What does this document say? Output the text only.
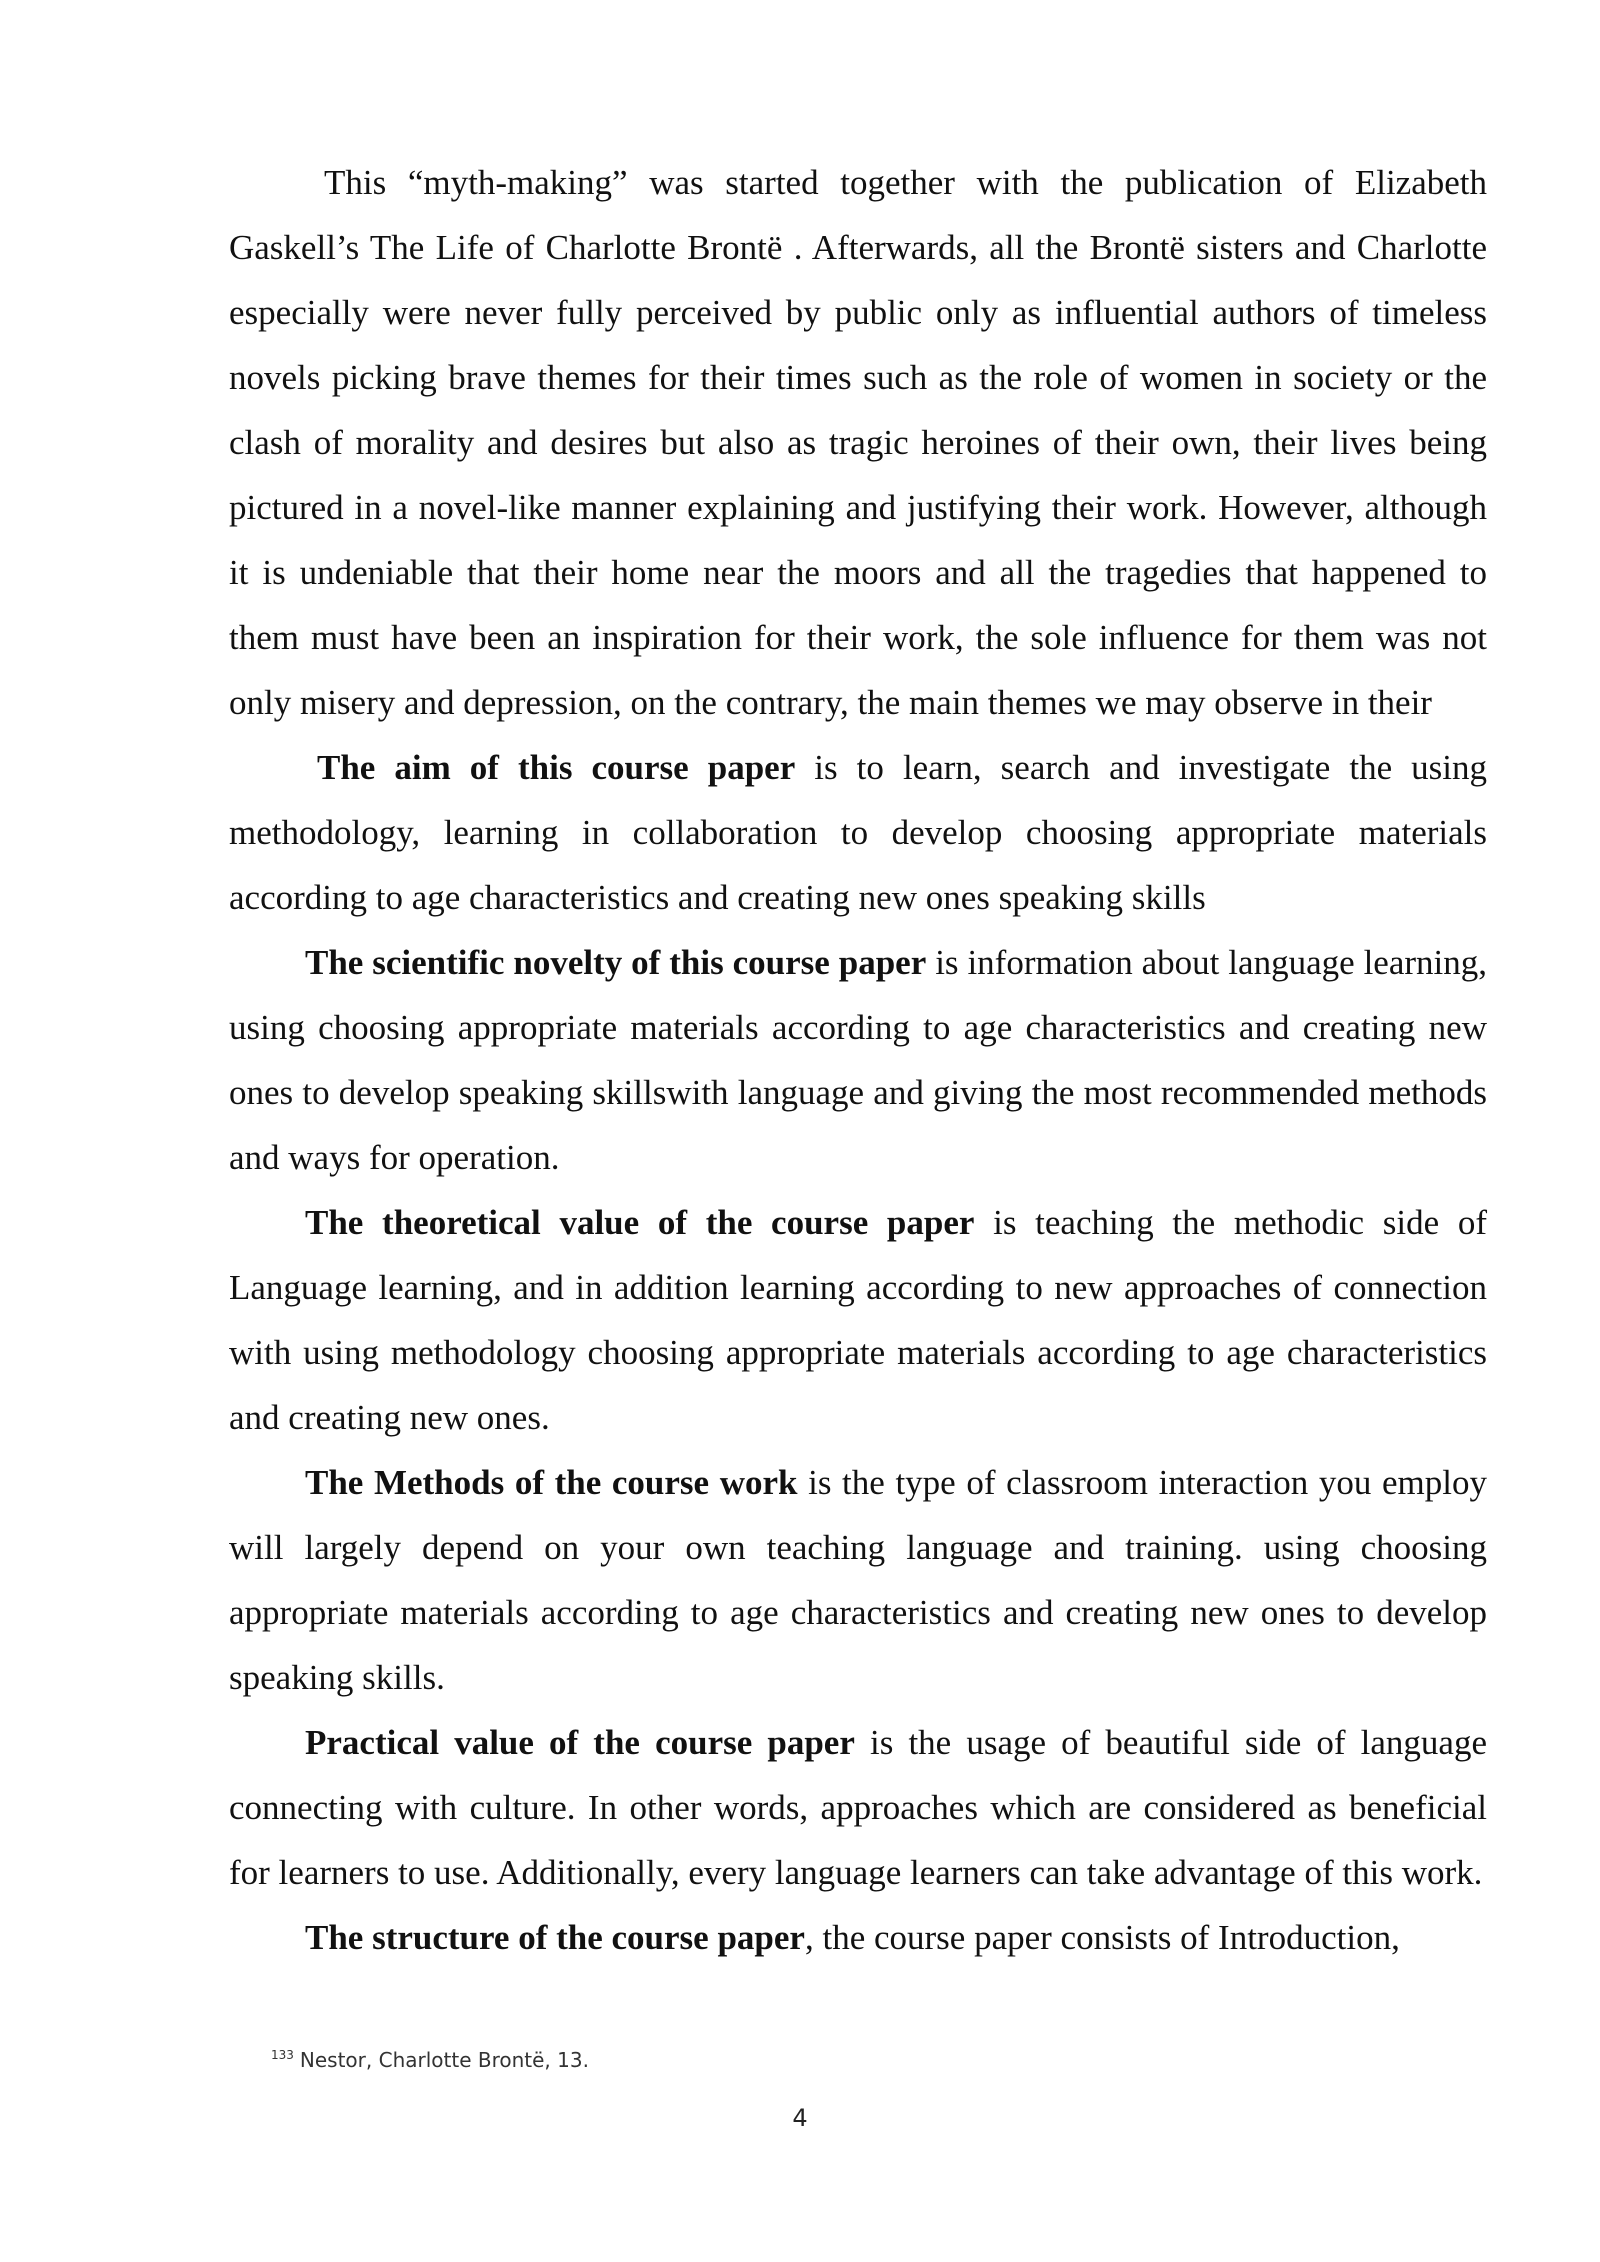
This “myth-making” was started together with the publication of Elizabeth Gaskell’s The Life of Charlotte Brontë . Afterwards, all the Brontë sisters and Charlotte especially were never fully perceived by public only as influential authors of timeless novels picking brave themes for their times such as the role of women in society or the clash of morality and desires but also as tragic heroines of their own, their lives being pictured in a novel-like manner explaining and justifying their work. However, although it is undeniable that their home near the moors and all the tragedies that happened to them must have been an inspiration for their work, the sole influence for them was not only misery and depression, on the contrary, the main themes we may observe in their

The aim of this course paper is to learn, search and investigate the using methodology, learning in collaboration to develop choosing appropriate materials according to age characteristics and creating new ones speaking skills

The scientific novelty of this course paper is information about language learning, using choosing appropriate materials according to age characteristics and creating new ones to develop speaking skillswith language and giving the most recommended methods and ways for operation.

The theoretical value of the course paper is teaching the methodic side of Language learning, and in addition learning according to new approaches of connection with using methodology choosing appropriate materials according to age characteristics and creating new ones.

The Methods of the course work is the type of classroom interaction you employ will largely depend on your own teaching language and training. using choosing appropriate materials according to age characteristics and creating new ones to develop speaking skills.

Practical value of the course paper is the usage of beautiful side of language connecting with culture. In other words, approaches which are considered as beneficial for learners to use. Additionally, every language learners can take advantage of this work.

The structure of the course paper, the course paper consists of Introduction,

$^{133}$ Nestor, Charlotte Brontë, 13.
4
